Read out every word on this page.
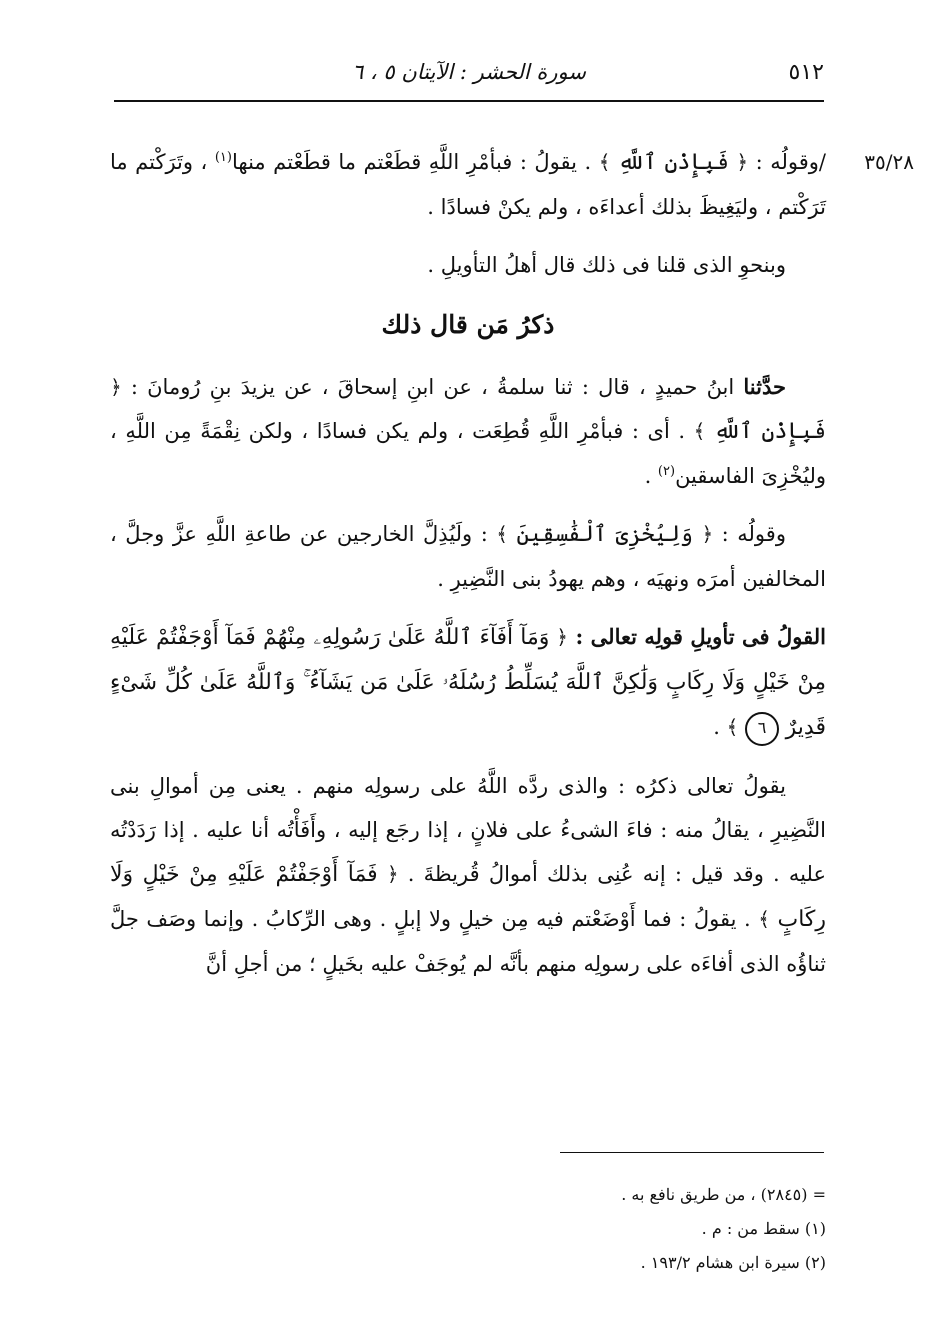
٥١٢
سورة الحشر : الآيتان ٥ ، ٦
٣٥/٢٨

/وقولُه : ﴿ فَبِإِذْنِ ٱللَّهِ ﴾ . يقولُ : فبأمْرِ اللَّهِ قطَعْتم ما قطَعْتم منها$^{(١)}$ ، وتَرَكْتم ما تَرَكْتم ، وليَغِيظَ بذلك أعداءَه ، ولم يكنْ فسادًا .

وبنحوِ الذى قلنا فى ذلك قال أهلُ التأويلِ .

ذكرُ مَن قال ذلك

حدَّثنا ابنُ حميدٍ ، قال : ثنا سلمةُ ، عن ابنِ إسحاقَ ، عن يزيدَ بنِ رُومانَ : ﴿ فَبِإِذْنِ ٱللَّهِ ﴾ . أى : فبأمْرِ اللَّهِ قُطِعَت ، ولم يكن فسادًا ، ولكن نِقْمَةً مِن اللَّهِ ، وليُخْزِىَ الفاسقين$^{(٢)}$ .

وقولُه : ﴿ وَلِيُخْزِىَ ٱلْفَٰسِقِينَ ﴾ : ولَيُذِلَّ الخارجين عن طاعةِ اللَّهِ عزَّ وجلَّ ، المخالفين أمرَه ونهيَه ، وهم يهودُ بنى النَّضِيرِ .

القولُ فى تأويلِ قولِه تعالى : ﴿ وَمَآ أَفَآءَ ٱللَّهُ عَلَىٰ رَسُولِهِۦ مِنْهُمْ فَمَآ أَوْجَفْتُمْ عَلَيْهِ مِنْ خَيْلٍ وَلَا رِكَابٍ وَلَٰكِنَّ ٱللَّهَ يُسَلِّطُ رُسُلَهُۥ عَلَىٰ مَن يَشَآءُ ۚ وَٱللَّهُ عَلَىٰ كُلِّ شَىْءٍ قَدِيرٌ ٦ ﴾ .

يقولُ تعالى ذكرُه : والذى ردَّه اللَّهُ على رسولِه منهم . يعنى مِن أموالِ بنى النَّضِيرِ ، يقالُ منه : فاءَ الشىءُ على فلانٍ ، إذا رجَع إليه ، وأَفَأْتُه أنا عليه . إذا رَدَدْتُه عليه . وقد قيل : إنه عُنِى بذلك أموالُ قُريظةَ . ﴿ فَمَآ أَوْجَفْتُمْ عَلَيْهِ مِنْ خَيْلٍ وَلَا رِكَابٍ ﴾ . يقولُ : فما أَوْضَعْتم فيه مِن خيلٍ ولا إبلٍ . وهى الرِّكابُ . وإنما وصَف جلَّ ثناؤُه الذى أفاءَه على رسولِه منهم بأنَّه لم يُوجَفْ عليه بخَيلٍ ؛ من أجلِ أنَّ

= (٢٨٤٥) ، من طريق نافع به .
(١) سقط من : م .
(٢) سيرة ابن هشام ١٩٣/٢ .
